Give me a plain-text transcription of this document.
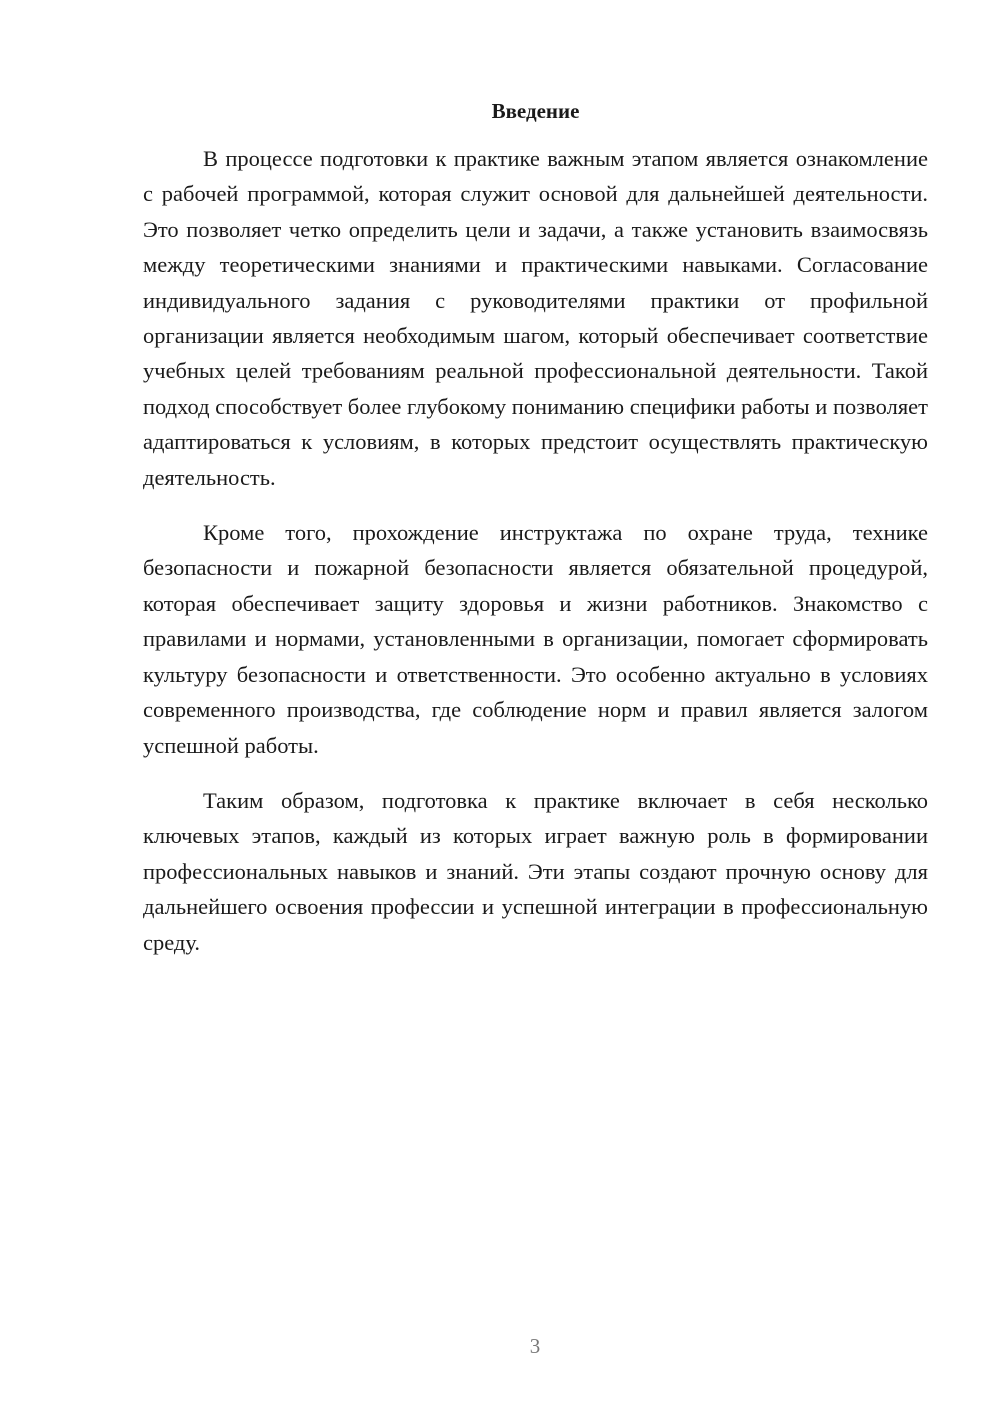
Введение

В процессе подготовки к практике важным этапом является ознакомление с рабочей программой, которая служит основой для дальнейшей деятельности. Это позволяет четко определить цели и задачи, а также установить взаимосвязь между теоретическими знаниями и практическими навыками. Согласование индивидуального задания с руководителями практики от профильной организации является необходимым шагом, который обеспечивает соответствие учебных целей требованиям реальной профессиональной деятельности. Такой подход способствует более глубокому пониманию специфики работы и позволяет адаптироваться к условиям, в которых предстоит осуществлять практическую деятельность.

Кроме того, прохождение инструктажа по охране труда, технике безопасности и пожарной безопасности является обязательной процедурой, которая обеспечивает защиту здоровья и жизни работников. Знакомство с правилами и нормами, установленными в организации, помогает сформировать культуру безопасности и ответственности. Это особенно актуально в условиях современного производства, где соблюдение норм и правил является залогом успешной работы.

Таким образом, подготовка к практике включает в себя несколько ключевых этапов, каждый из которых играет важную роль в формировании профессиональных навыков и знаний. Эти этапы создают прочную основу для дальнейшего освоения профессии и успешной интеграции в профессиональную среду.

3
